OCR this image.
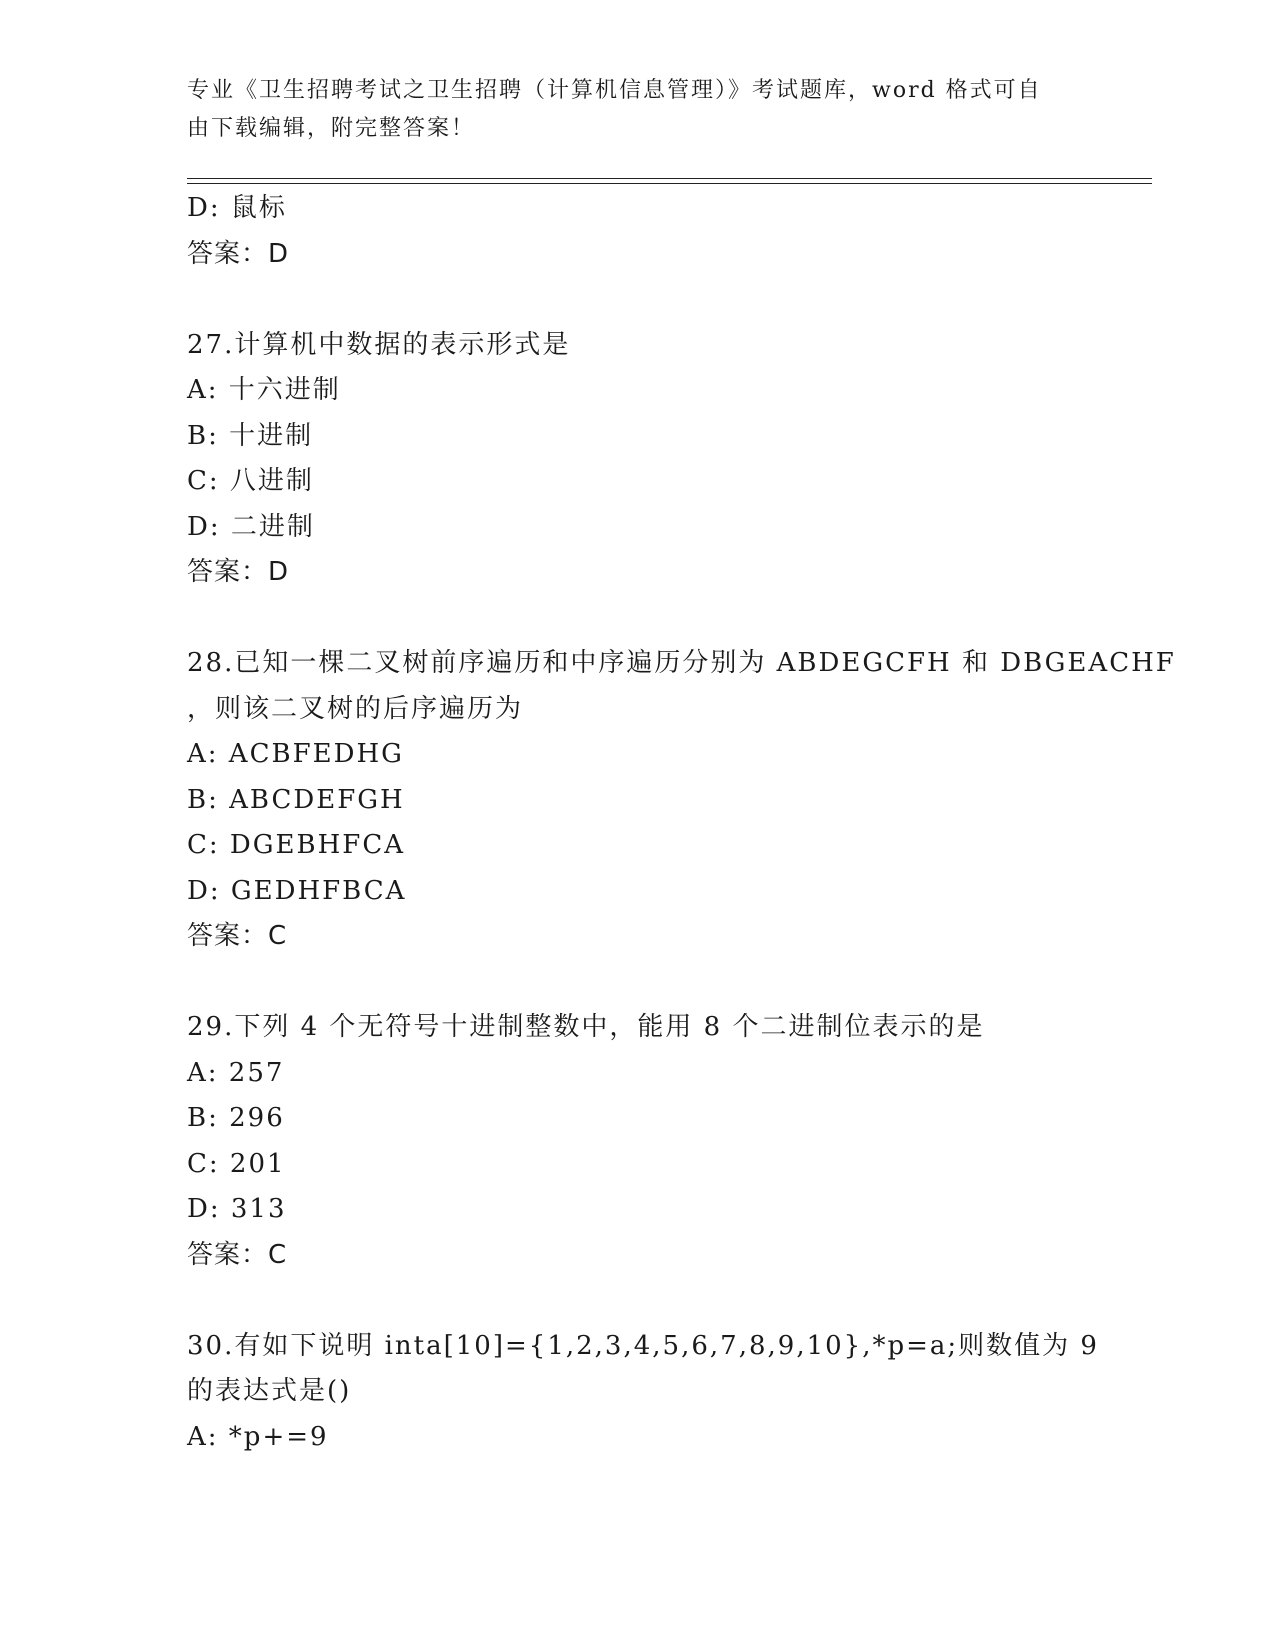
专业《卫生招聘考试之卫生招聘（计算机信息管理）》考试题库，word 格式可自
由下载编辑，附完整答案！
D: 鼠标
答案：D
27.计算机中数据的表示形式是
A: 十六进制
B: 十进制
C: 八进制
D: 二进制
答案：D
28.已知一棵二叉树前序遍历和中序遍历分别为 ABDEGCFH 和 DBGEACHF
，则该二叉树的后序遍历为
A: ACBFEDHG
B: ABCDEFGH
C: DGEBHFCA
D: GEDHFBCA
答案：C
29.下列 4 个无符号十进制整数中，能用 8 个二进制位表示的是
A: 257
B: 296
C: 201
D: 313
答案：C
30.有如下说明 inta[10]={1,2,3,4,5,6,7,8,9,10},*p=a;则数值为 9
的表达式是()
A: *p+=9
